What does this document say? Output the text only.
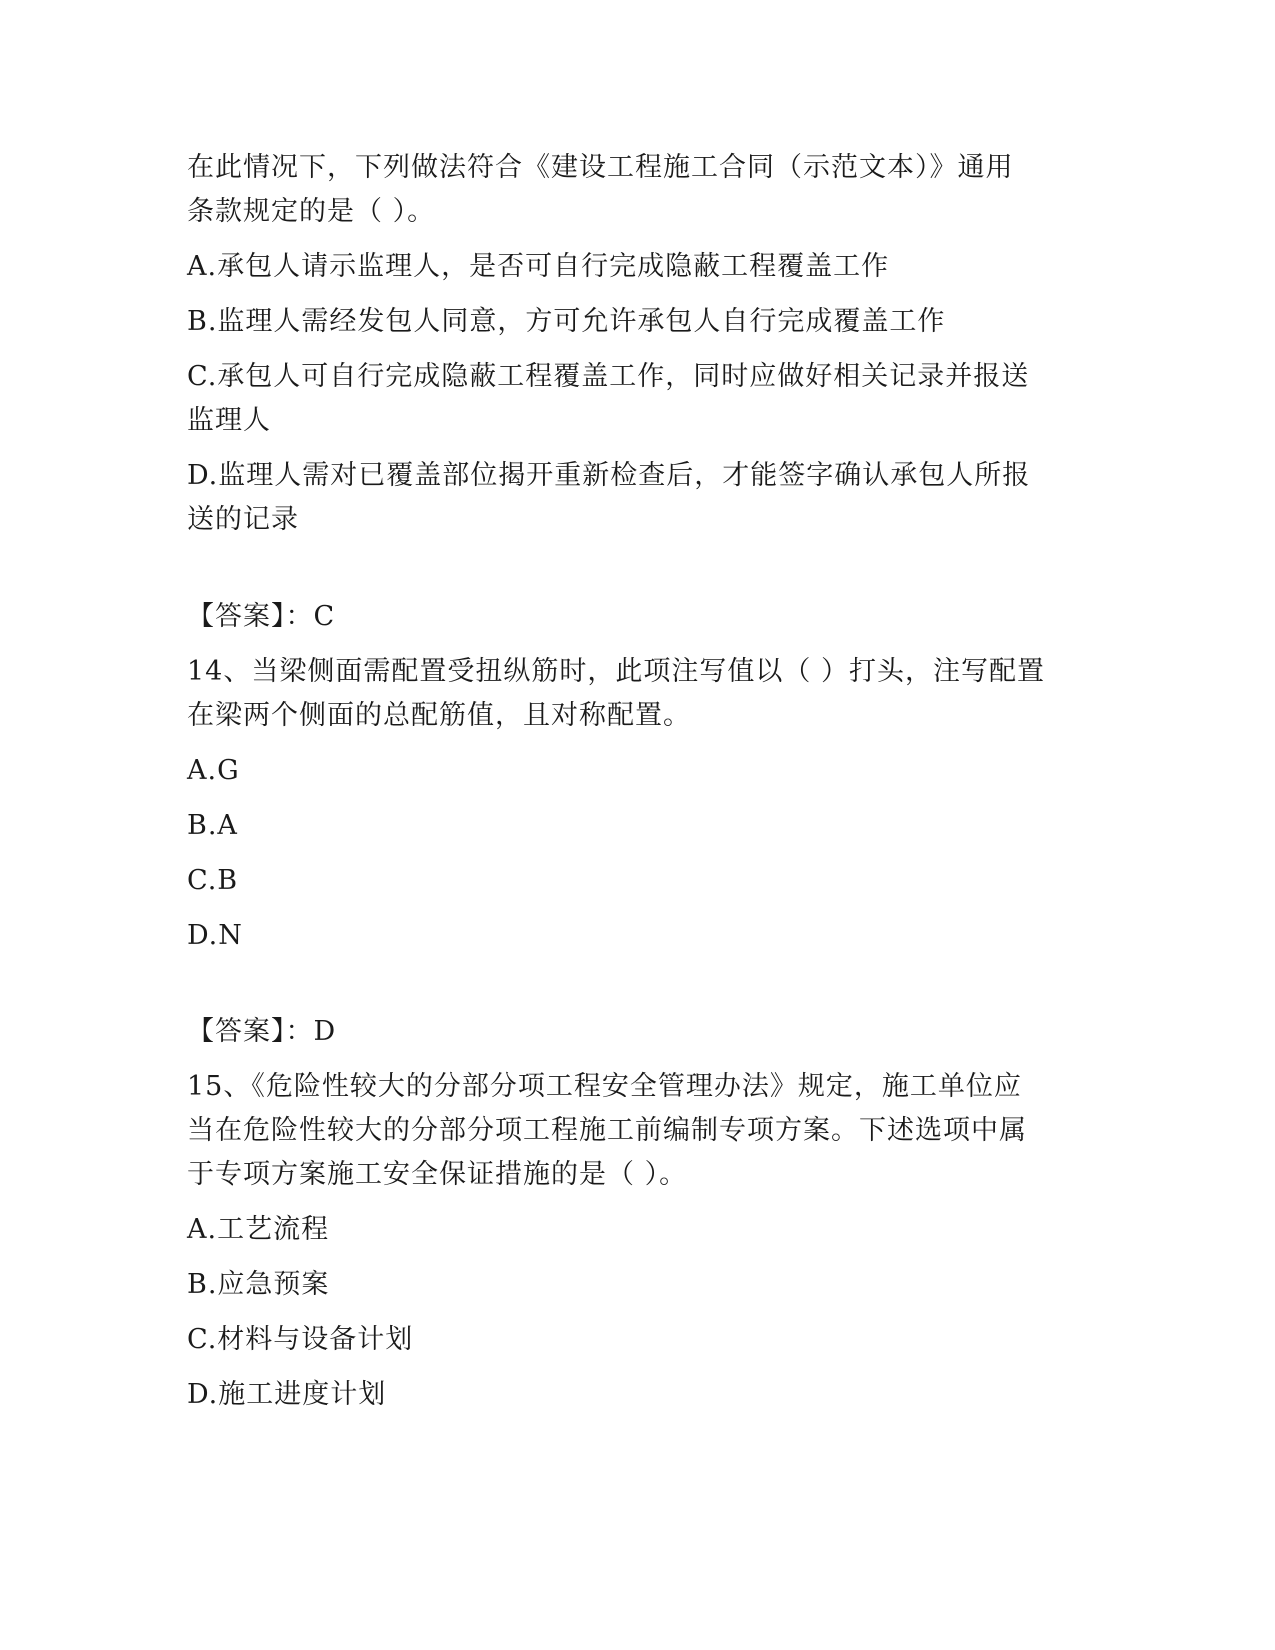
在此情况下，下列做法符合《建设工程施工合同（示范文本）》通用
条款规定的是（ ）。
A.承包人请示监理人，是否可自行完成隐蔽工程覆盖工作
B.监理人需经发包人同意，方可允许承包人自行完成覆盖工作
C.承包人可自行完成隐蔽工程覆盖工作，同时应做好相关记录并报送
监理人
D.监理人需对已覆盖部位揭开重新检查后，才能签字确认承包人所报
送的记录
【答案】：C
14、当梁侧面需配置受扭纵筋时，此项注写值以（ ）打头，注写配置
在梁两个侧面的总配筋值，且对称配置。
A.G
B.A
C.B
D.N
【答案】：D
15、《危险性较大的分部分项工程安全管理办法》规定，施工单位应
当在危险性较大的分部分项工程施工前编制专项方案。下述选项中属
于专项方案施工安全保证措施的是（ ）。
A.工艺流程
B.应急预案
C.材料与设备计划
D.施工进度计划
